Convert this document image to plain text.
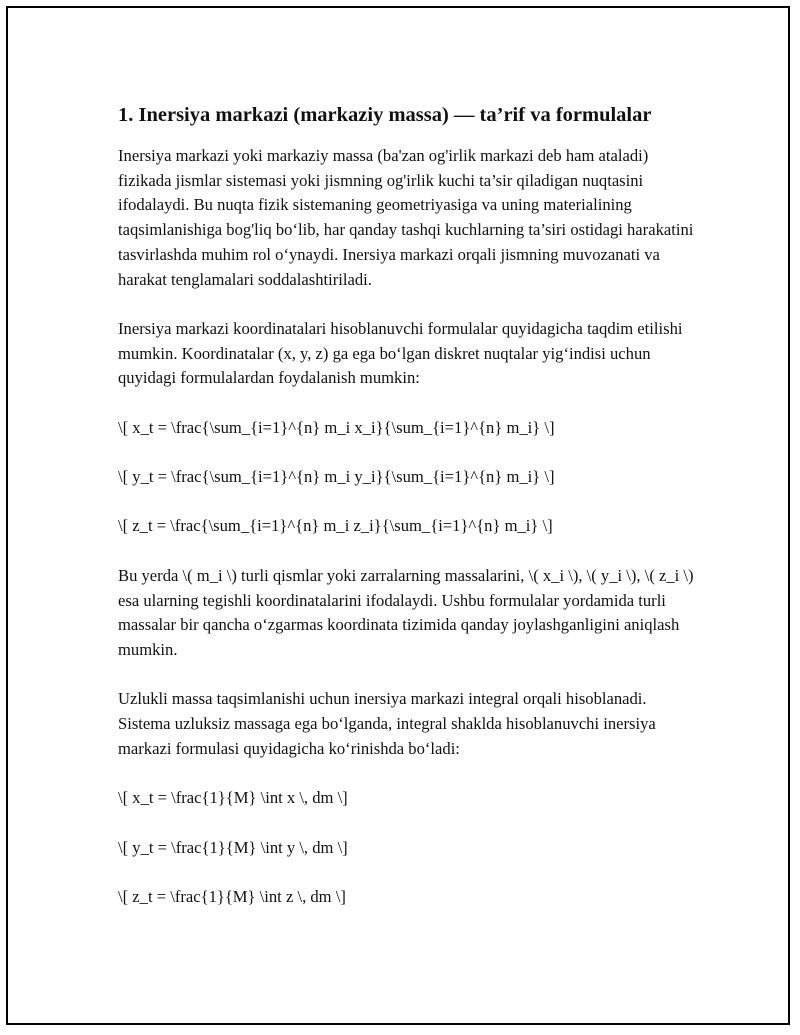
1. Inersiya markazi (markaziy massa) — ta’rif va formulalar

Inersiya markazi yoki markaziy massa (ba'zan og'irlik markazi deb ham ataladi) fizikada jismlar sistemasi yoki jismning og'irlik kuchi ta’sir qiladigan nuqtasini ifodalaydi. Bu nuqta fizik sistemaning geometriyasiga va uning materialining taqsimlanishiga bog'liq bo‘lib, har qanday tashqi kuchlarning ta’siri ostidagi harakatini tasvirlashda muhim rol o‘ynaydi. Inersiya markazi orqali jismning muvozanati va harakat tenglamalari soddalashtiriladi.

Inersiya markazi koordinatalari hisoblanuvchi formulalar quyidagicha taqdim etilishi mumkin. Koordinatalar (x, y, z) ga ega bo‘lgan diskret nuqtalar yig‘indisi uchun quyidagi formulalardan foydalanish mumkin:

\[ x_t = \frac{\sum_{i=1}^{n} m_i x_i}{\sum_{i=1}^{n} m_i} \]

\[ y_t = \frac{\sum_{i=1}^{n} m_i y_i}{\sum_{i=1}^{n} m_i} \]

\[ z_t = \frac{\sum_{i=1}^{n} m_i z_i}{\sum_{i=1}^{n} m_i} \]

Bu yerda \( m_i \) turli qismlar yoki zarralarning massalarini, \( x_i \), \( y_i \), \( z_i \) esa ularning tegishli koordinatalarini ifodalaydi. Ushbu formulalar yordamida turli massalar bir qancha o‘zgarmas koordinata tizimida qanday joylashganligini aniqlash mumkin.

Uzlukli massa taqsimlanishi uchun inersiya markazi integral orqali hisoblanadi. Sistema uzluksiz massaga ega bo‘lganda, integral shaklda hisoblanuvchi inersiya markazi formulasi quyidagicha ko‘rinishda bo‘ladi:

\[ x_t = \frac{1}{M} \int x \, dm \]

\[ y_t = \frac{1}{M} \int y \, dm \]

\[ z_t = \frac{1}{M} \int z \, dm \]
